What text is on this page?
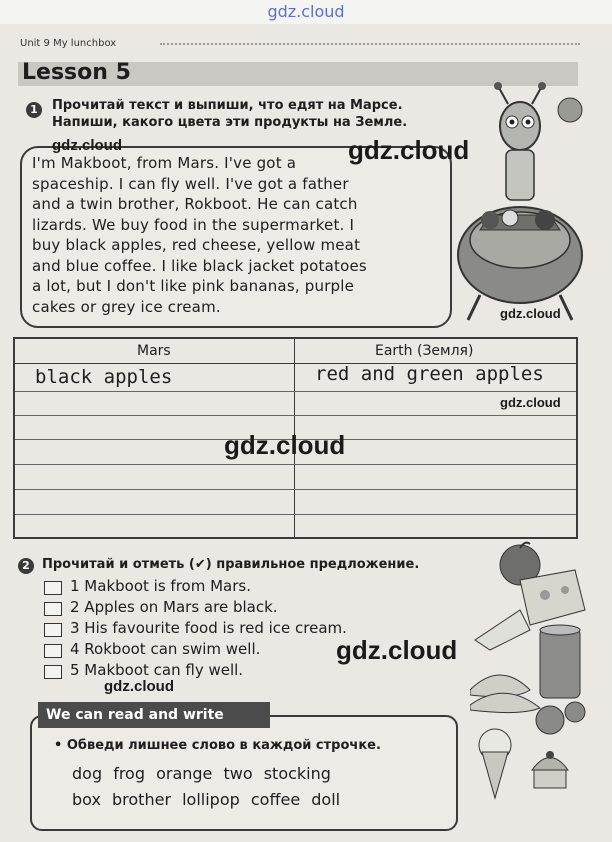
gdz.cloud
Unit 9 My lunchbox
Lesson 5
1	Прочитай текст и выпиши, что едят на Марсе.
Напиши, какого цвета эти продукты на Земле.
I'm Makboot, from Mars. I've got a
spaceship. I can fly well. I've got a father
and a twin brother, Rokboot. He can catch
lizards. We buy food in the supermarket. I
buy black apples, red cheese, yellow meat
and blue coffee. I like black jacket potatoes
a lot, but I don't like pink bananas, purple
cakes or grey ice cream.
Mars	Earth (Земля)
black apples	red and green apples
2 Прочитай и отметь (✔) правильное предложение.
1 Makboot is from Mars.
2 Apples on Mars are black.
3 His favourite food is red ice cream.
4 Rokboot can swim well.
5 Makboot can fly well.
We can read and write
• Обведи лишнее слово в каждой строчке.
dog frog orange two stocking
box brother lollipop coffee doll
gdz.cloud
gdz.cloud
gdz.cloud
gdz.cloud
gdz.cloud
gdz.cloud
gdz.cloud
